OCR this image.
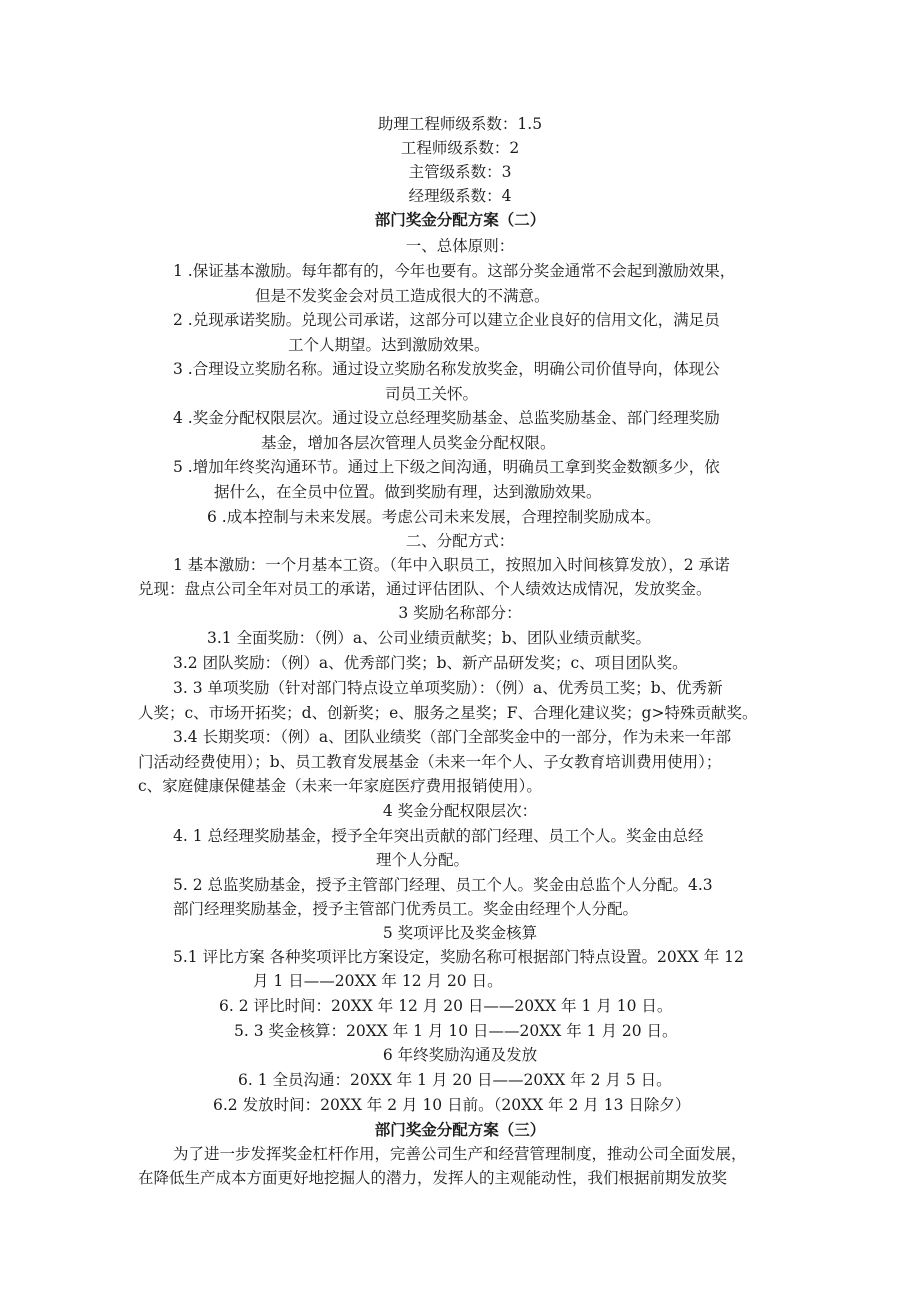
助理工程师级系数：1.5
工程师级系数：2
主管级系数：3
经理级系数：4
部门奖金分配方案（二）
一、总体原则：
1 .保证基本激励。每年都有的，今年也要有。这部分奖金通常不会起到激励效果，
但是不发奖金会对员工造成很大的不满意。
2 .兑现承诺奖励。兑现公司承诺，这部分可以建立企业良好的信用文化，满足员
工个人期望。达到激励效果。
3 .合理设立奖励名称。通过设立奖励名称发放奖金，明确公司价值导向，体现公
司员工关怀。
4 .奖金分配权限层次。通过设立总经理奖励基金、总监奖励基金、部门经理奖励
基金，增加各层次管理人员奖金分配权限。
5 .增加年终奖沟通环节。通过上下级之间沟通，明确员工拿到奖金数额多少，依
据什么，在全员中位置。做到奖励有理，达到激励效果。
6 .成本控制与未来发展。考虑公司未来发展，合理控制奖励成本。
二、分配方式：
1 基本激励：一个月基本工资。（年中入职员工，按照加入时间核算发放），2 承诺
兑现：盘点公司全年对员工的承诺，通过评估团队、个人绩效达成情况，发放奖金。
3 奖励名称部分：
3.1 全面奖励：（例）a、公司业绩贡献奖；b、团队业绩贡献奖。
3.2 团队奖励：（例）a、优秀部门奖；b、新产品研发奖；c、项目团队奖。
3. 3 单项奖励（针对部门特点设立单项奖励）：（例）a、优秀员工奖；b、优秀新
人奖；c、市场开拓奖；d、创新奖；e、服务之星奖；F、合理化建议奖；g>特殊贡献奖。
3.4 长期奖项：（例）a、团队业绩奖（部门全部奖金中的一部分，作为未来一年部
门活动经费使用）；b、员工教育发展基金（未来一年个人、子女教育培训费用使用）；
c、家庭健康保健基金（未来一年家庭医疗费用报销使用）。
4 奖金分配权限层次：
4. 1 总经理奖励基金，授予全年突出贡献的部门经理、员工个人。奖金由总经
理个人分配。
5. 2 总监奖励基金，授予主管部门经理、员工个人。奖金由总监个人分配。4.3
部门经理奖励基金，授予主管部门优秀员工。奖金由经理个人分配。
5 奖项评比及奖金核算
5.1 评比方案 各种奖项评比方案设定，奖励名称可根据部门特点设置。20XX 年 12
月 1 日——20XX 年 12 月 20 日。
6. 2 评比时间：20XX 年 12 月 20 日——20XX 年 1 月 10 日。
5. 3 奖金核算：20XX 年 1 月 10 日——20XX 年 1 月 20 日。
6 年终奖励沟通及发放
6. 1 全员沟通：20XX 年 1 月 20 日——20XX 年 2 月 5 日。
6.2 发放时间：20XX 年 2 月 10 日前。（20XX 年 2 月 13 日除夕）
部门奖金分配方案（三）
为了进一步发挥奖金杠杆作用，完善公司生产和经营管理制度，推动公司全面发展，
在降低生产成本方面更好地挖掘人的潜力，发挥人的主观能动性，我们根据前期发放奖
